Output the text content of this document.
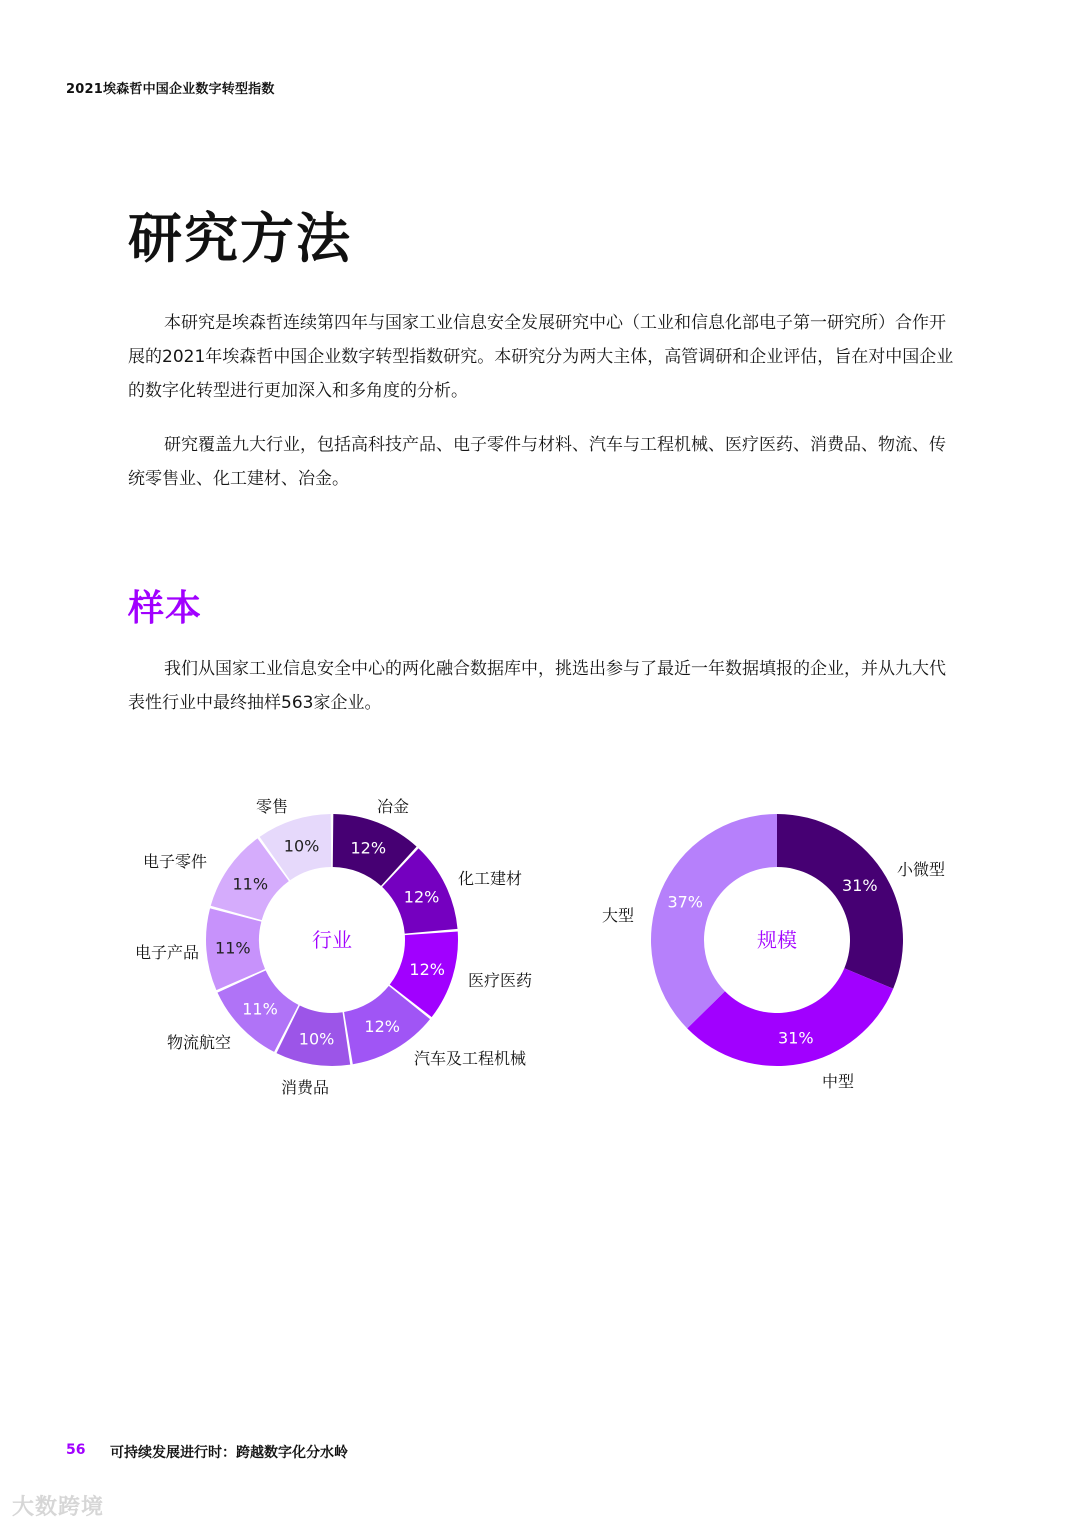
2021埃森哲中国企业数字转型指数
研究方法

本研究是埃森哲连续第四年与国家工业信息安全发展研究中心（工业和信息化部电子第一研究所）合作开展的2021年埃森哲中国企业数字转型指数研究。本研究分为两大主体，高管调研和企业评估，旨在对中国企业的数字化转型进行更加深入和多角度的分析。

研究覆盖九大行业，包括高科技产品、电子零件与材料、汽车与工程机械、医疗医药、消费品、物流、传统零售业、化工建材、冶金。

样本

我们从国家工业信息安全中心的两化融合数据库中，挑选出参与了最近一年数据填报的企业，并从九大代表性行业中最终抽样563家企业。

12%
冶金
12%
化工建材
12%
医疗医药
12%
汽车及工程机械
10%
消费品
11%
物流航空
11%
电子产品
11%
电子零件
10%
零售
行业
31%
小微型
31%
中型
37%
大型
规模
56 可持续发展进行时：跨越数字化分水岭
大数跨境
